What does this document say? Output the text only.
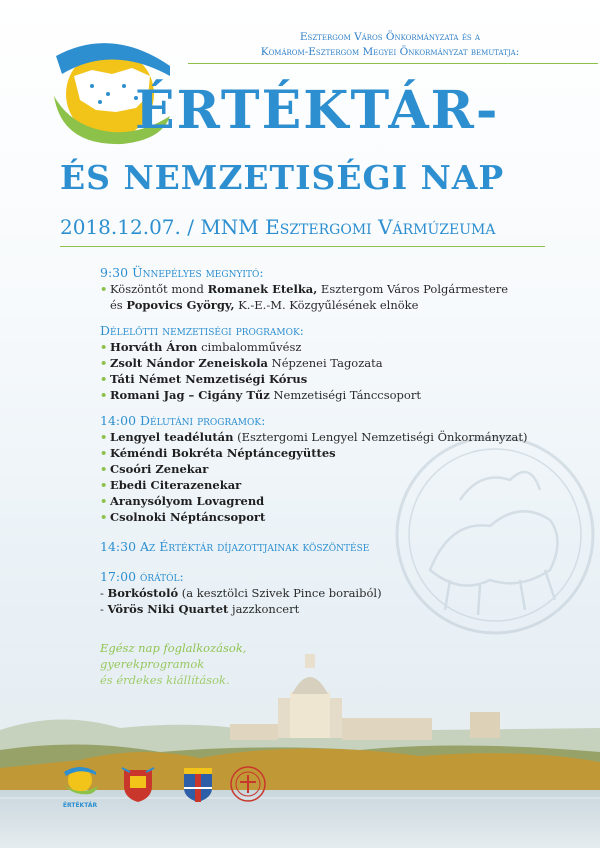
Esztergom Város Önkormányzata és a
Komárom-Esztergom Megyei Önkormányzat bemutatja:
ÉRTÉKTÁR-
ÉS NEMZETISÉGI NAP
2018.12.07. / MNM Esztergomi Vármúzeuma
9:30 Ünnepélyes megnyitó:
• Köszöntőt mond Romanek Etelka, Esztergom Város Polgármestere
és Popovics György, K.-E.-M. Közgyűlésének elnöke
Délelőtti nemzetiségi programok:
• Horváth Áron cimbalomművész
• Zsolt Nándor Zeneiskola Népzenei Tagozata
• Táti Német Nemzetiségi Kórus
• Romani Jag – Cigány Tűz Nemzetiségi Tánccsoport
14:00 Délutáni programok:
• Lengyel teadélután (Esztergomi Lengyel Nemzetiségi Önkormányzat)
• Kéméndi Bokréta Néptáncegyüttes
• Csoóri Zenekar
• Ebedi Citerazenekar
• Aranysólyom Lovagrend
• Csolnoki Néptáncsoport
14:30 Az Értéktár díjazottjainak köszöntése
17:00 órától:
- Borkóstoló (a kesztölci Szivek Pince boraiból)
- Vörös Niki Quartet jazzkoncert
ÉRTÉKTÁR
